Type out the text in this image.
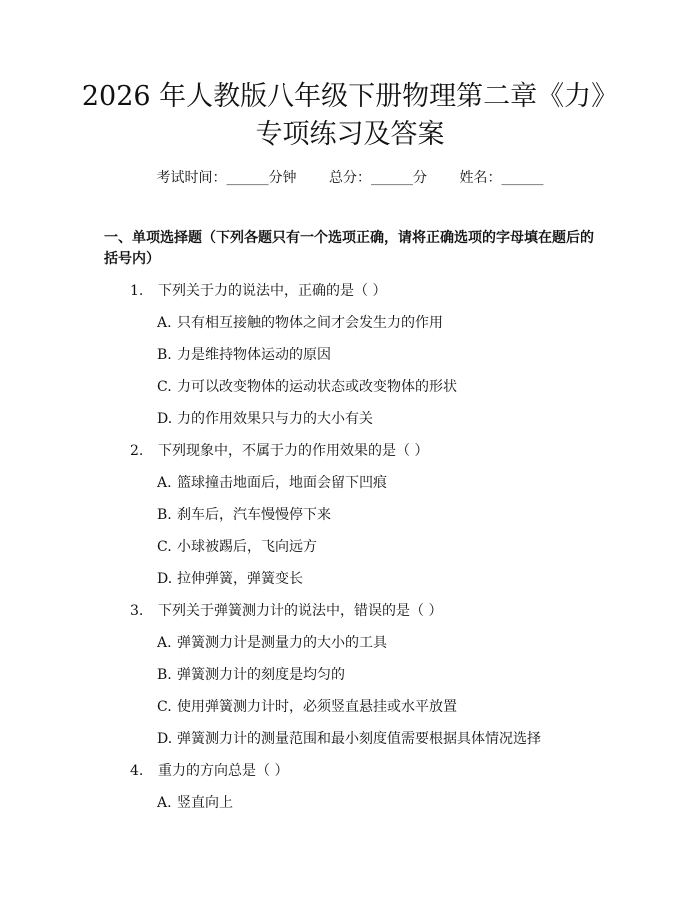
2026 年人教版八年级下册物理第二章《力》
专项练习及答案
考试时间：______分钟 总分：______分 姓名：______
一、单项选择题（下列各题只有一个选项正确，请将正确选项的字母填在题后的括号内）
1. 下列关于力的说法中，正确的是（ ）
A. 只有相互接触的物体之间才会发生力的作用
B. 力是维持物体运动的原因
C. 力可以改变物体的运动状态或改变物体的形状
D. 力的作用效果只与力的大小有关
2. 下列现象中，不属于力的作用效果的是（ ）
A. 篮球撞击地面后，地面会留下凹痕
B. 刹车后，汽车慢慢停下来
C. 小球被踢后，飞向远方
D. 拉伸弹簧，弹簧变长
3. 下列关于弹簧测力计的说法中，错误的是（ ）
A. 弹簧测力计是测量力的大小的工具
B. 弹簧测力计的刻度是均匀的
C. 使用弹簧测力计时，必须竖直悬挂或水平放置
D. 弹簧测力计的测量范围和最小刻度值需要根据具体情况选择
4. 重力的方向总是（ ）
A. 竖直向上
